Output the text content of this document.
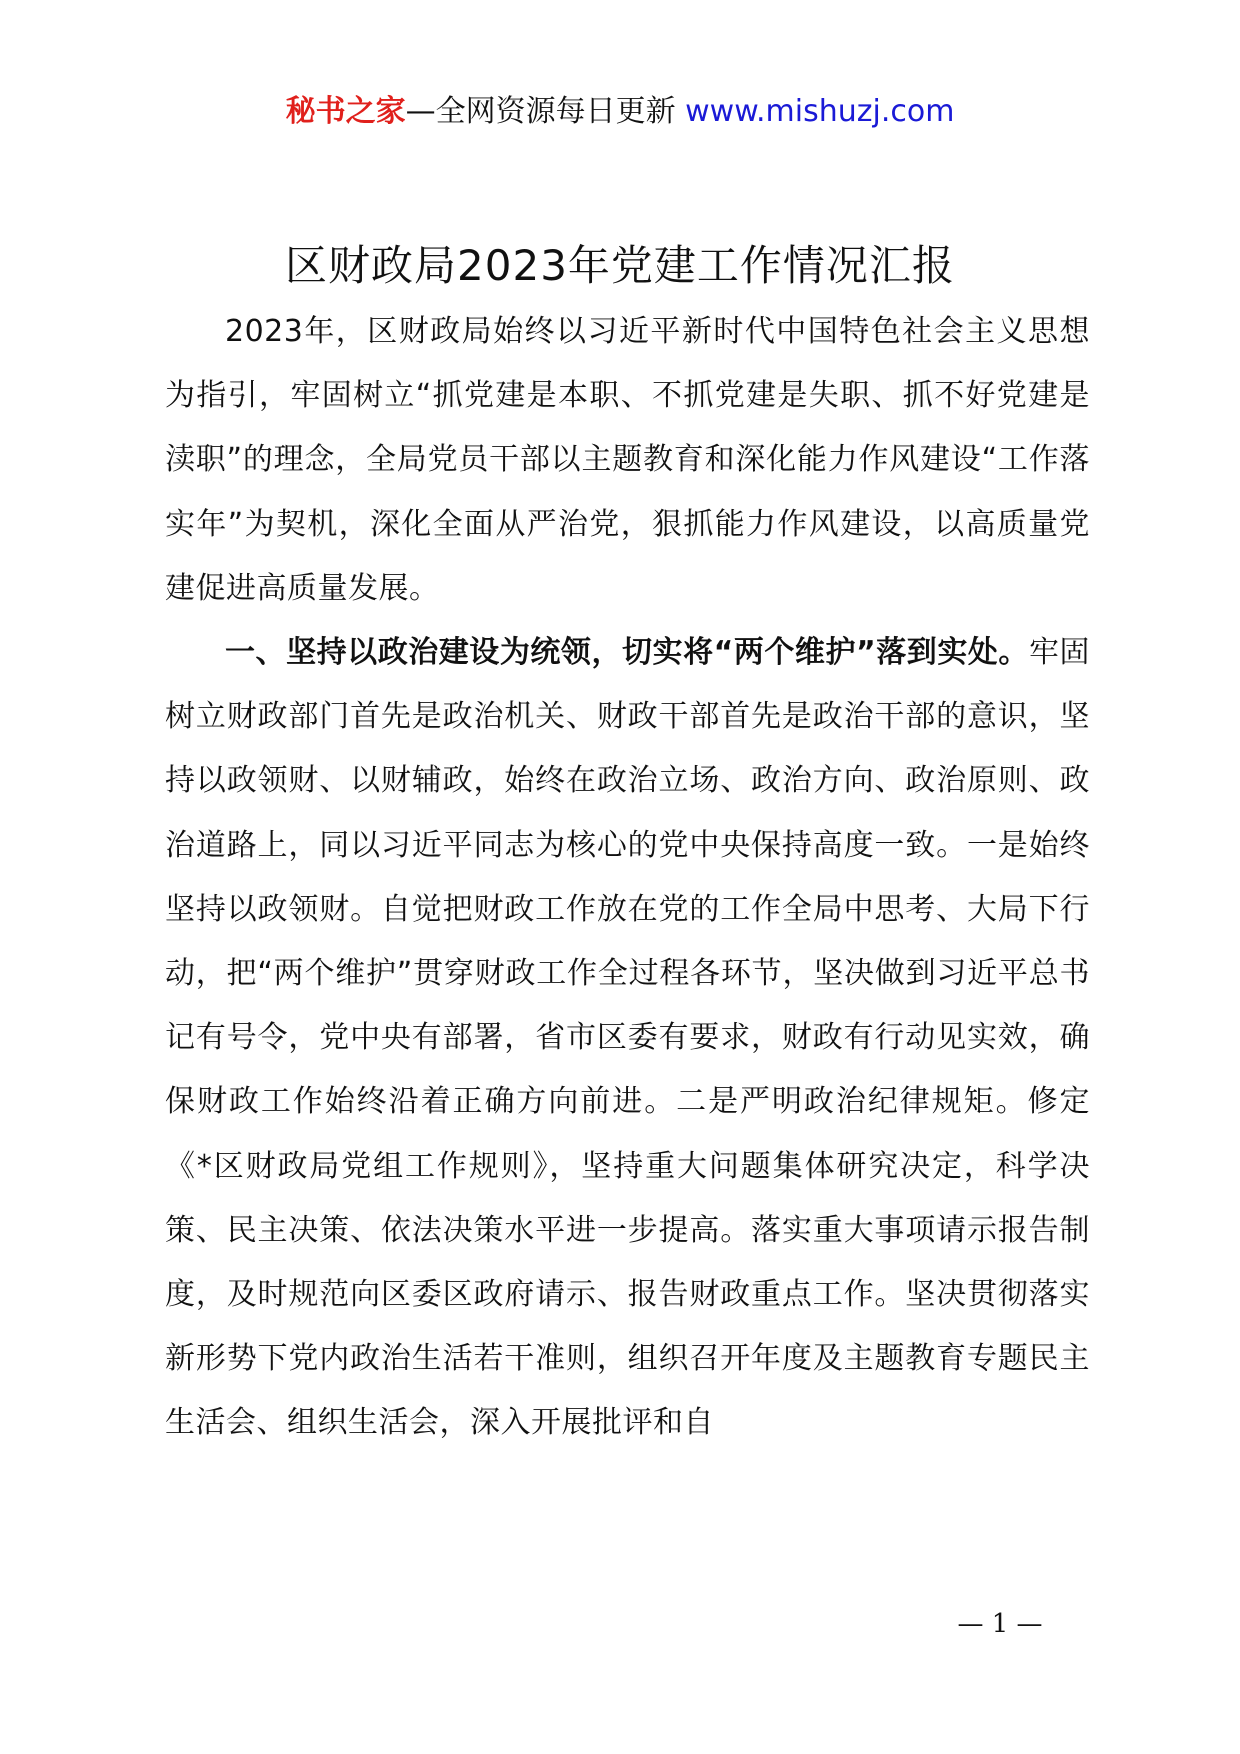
秘书之家—全网资源每日更新 www.mishuzj.com
区财政局2023年党建工作情况汇报

2023年，区财政局始终以习近平新时代中国特色社会主义思想为指引，牢固树立“抓党建是本职、不抓党建是失职、抓不好党建是渎职”的理念，全局党员干部以主题教育和深化能力作风建设“工作落实年”为契机，深化全面从严治党，狠抓能力作风建设，以高质量党建促进高质量发展。

一、坚持以政治建设为统领，切实将“两个维护”落到实处。牢固树立财政部门首先是政治机关、财政干部首先是政治干部的意识，坚持以政领财、以财辅政，始终在政治立场、政治方向、政治原则、政治道路上，同以习近平同志为核心的党中央保持高度一致。一是始终坚持以政领财。自觉把财政工作放在党的工作全局中思考、大局下行动，把“两个维护”贯穿财政工作全过程各环节，坚决做到习近平总书记有号令，党中央有部署，省市区委有要求，财政有行动见实效，确保财政工作始终沿着正确方向前进。二是严明政治纪律规矩。修定《*区财政局党组工作规则》，坚持重大问题集体研究决定，科学决策、民主决策、依法决策水平进一步提高。落实重大事项请示报告制度，及时规范向区委区政府请示、报告财政重点工作。坚决贯彻落实新形势下党内政治生活若干准则，组织召开年度及主题教育专题民主生活会、组织生活会，深入开展批评和自

— 1 —
